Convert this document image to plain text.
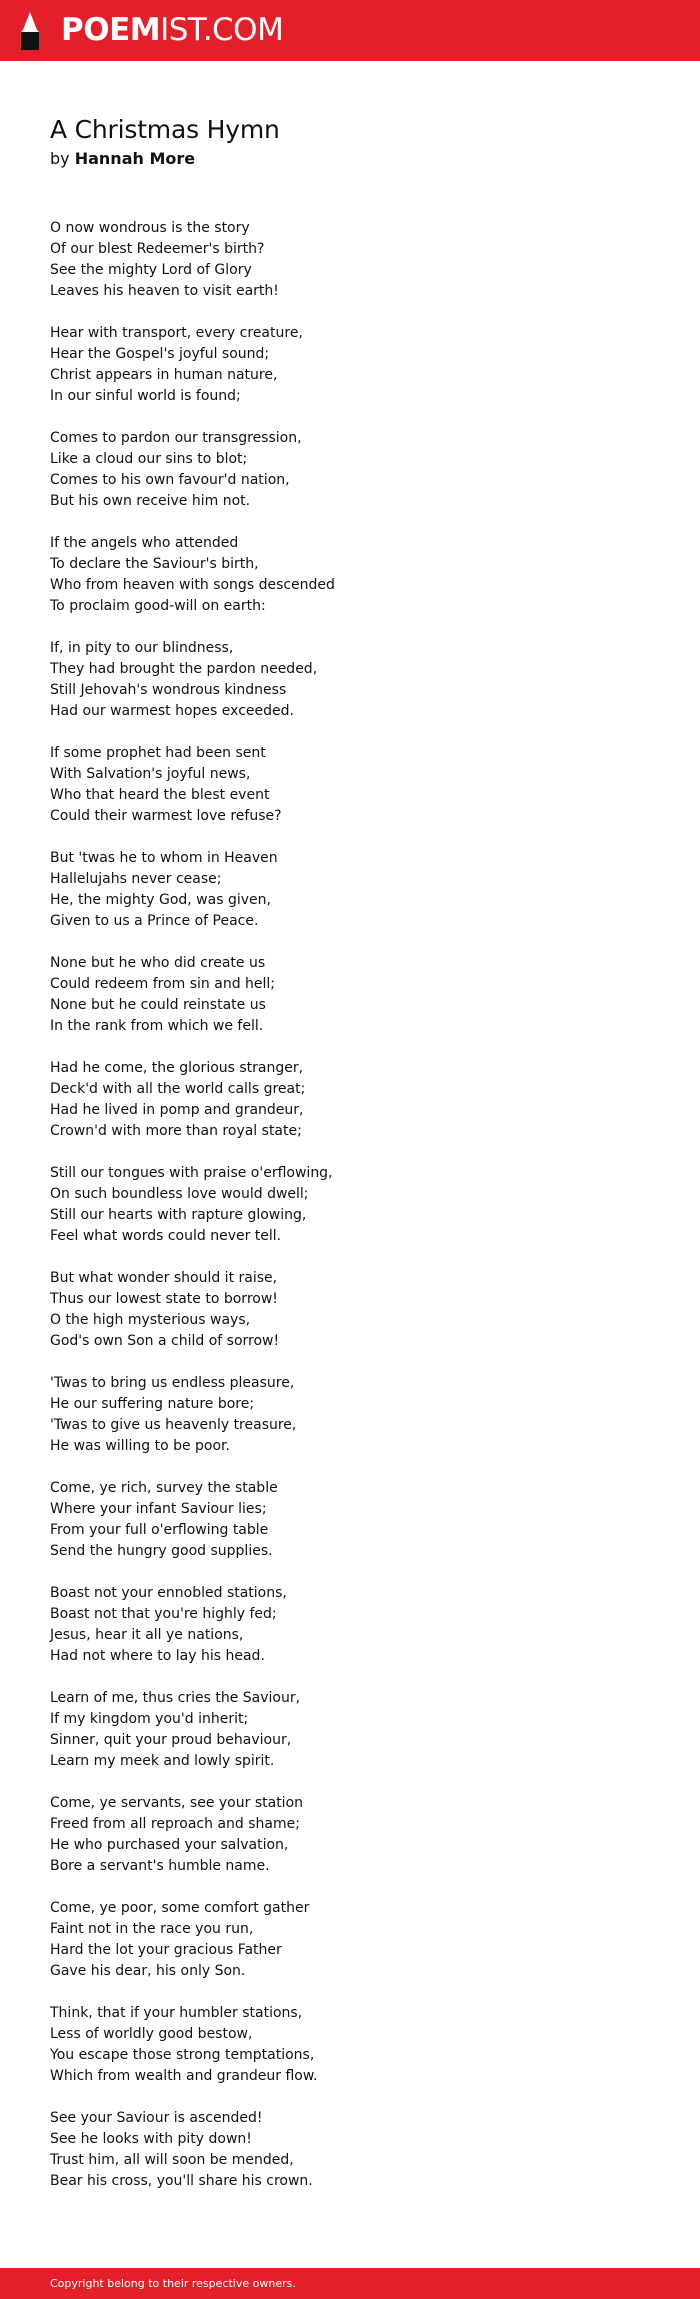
POEMIST.COM
A Christmas Hymn
by Hannah More
O now wondrous is the story
Of our blest Redeemer's birth?
See the mighty Lord of Glory
Leaves his heaven to visit earth!
Hear with transport, every creature,
Hear the Gospel's joyful sound;
Christ appears in human nature,
In our sinful world is found;
Comes to pardon our transgression,
Like a cloud our sins to blot;
Comes to his own favour'd nation,
But his own receive him not.
If the angels who attended
To declare the Saviour's birth,
Who from heaven with songs descended
To proclaim good-will on earth:
If, in pity to our blindness,
They had brought the pardon needed,
Still Jehovah's wondrous kindness
Had our warmest hopes exceeded.
If some prophet had been sent
With Salvation's joyful news,
Who that heard the blest event
Could their warmest love refuse?
But 'twas he to whom in Heaven
Hallelujahs never cease;
He, the mighty God, was given,
Given to us a Prince of Peace.
None but he who did create us
Could redeem from sin and hell;
None but he could reinstate us
In the rank from which we fell.
Had he come, the glorious stranger,
Deck'd with all the world calls great;
Had he lived in pomp and grandeur,
Crown'd with more than royal state;
Still our tongues with praise o'erflowing,
On such boundless love would dwell;
Still our hearts with rapture glowing,
Feel what words could never tell.
But what wonder should it raise,
Thus our lowest state to borrow!
O the high mysterious ways,
God's own Son a child of sorrow!
'Twas to bring us endless pleasure,
He our suffering nature bore;
'Twas to give us heavenly treasure,
He was willing to be poor.
Come, ye rich, survey the stable
Where your infant Saviour lies;
From your full o'erflowing table
Send the hungry good supplies.
Boast not your ennobled stations,
Boast not that you're highly fed;
Jesus, hear it all ye nations,
Had not where to lay his head.
Learn of me, thus cries the Saviour,
If my kingdom you'd inherit;
Sinner, quit your proud behaviour,
Learn my meek and lowly spirit.
Come, ye servants, see your station
Freed from all reproach and shame;
He who purchased your salvation,
Bore a servant's humble name.
Come, ye poor, some comfort gather
Faint not in the race you run,
Hard the lot your gracious Father
Gave his dear, his only Son.
Think, that if your humbler stations,
Less of worldly good bestow,
You escape those strong temptations,
Which from wealth and grandeur flow.
See your Saviour is ascended!
See he looks with pity down!
Trust him, all will soon be mended,
Bear his cross, you'll share his crown.
Copyright belong to their respective owners.
